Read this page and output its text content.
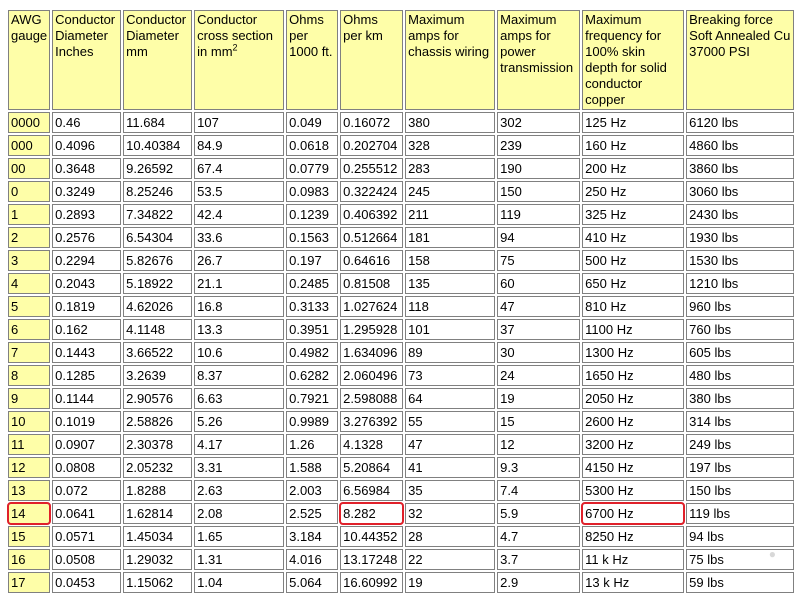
AWG gauge	Conductor Diameter Inches	Conductor Diameter mm	Conductor cross section in $mm^2$	Ohms per 1000 ft.	Ohms per km	Maximum amps for chassis wiring	Maximum amps for power transmission	Maximum frequency for 100% skin depth for solid conductor copper	Breaking force Soft Annealed Cu 37000 PSI
0000	0.46	11.684	107	0.049	0.16072	380	302	125 Hz	6120 lbs
000	0.4096	10.40384	84.9	0.0618	0.202704	328	239	160 Hz	4860 lbs
00	0.3648	9.26592	67.4	0.0779	0.255512	283	190	200 Hz	3860 lbs
0	0.3249	8.25246	53.5	0.0983	0.322424	245	150	250 Hz	3060 lbs
1	0.2893	7.34822	42.4	0.1239	0.406392	211	119	325 Hz	2430 lbs
2	0.2576	6.54304	33.6	0.1563	0.512664	181	94	410 Hz	1930 lbs
3	0.2294	5.82676	26.7	0.197	0.64616	158	75	500 Hz	1530 lbs
4	0.2043	5.18922	21.1	0.2485	0.81508	135	60	650 Hz	1210 lbs
5	0.1819	4.62026	16.8	0.3133	1.027624	118	47	810 Hz	960 lbs
6	0.162	4.1148	13.3	0.3951	1.295928	101	37	1100 Hz	760 lbs
7	0.1443	3.66522	10.6	0.4982	1.634096	89	30	1300 Hz	605 lbs
8	0.1285	3.2639	8.37	0.6282	2.060496	73	24	1650 Hz	480 lbs
9	0.1144	2.90576	6.63	0.7921	2.598088	64	19	2050 Hz	380 lbs
10	0.1019	2.58826	5.26	0.9989	3.276392	55	15	2600 Hz	314 lbs
11	0.0907	2.30378	4.17	1.26	4.1328	47	12	3200 Hz	249 lbs
12	0.0808	2.05232	3.31	1.588	5.20864	41	9.3	4150 Hz	197 lbs
13	0.072	1.8288	2.63	2.003	6.56984	35	7.4	5300 Hz	150 lbs
14	0.0641	1.62814	2.08	2.525	8.282	32	5.9	6700 Hz	119 lbs
15	0.0571	1.45034	1.65	3.184	10.44352	28	4.7	8250 Hz	94 lbs
16	0.0508	1.29032	1.31	4.016	13.17248	22	3.7	11 k Hz	75 lbs
17	0.0453	1.15062	1.04	5.064	16.60992	19	2.9	13 k Hz	59 lbs
●
